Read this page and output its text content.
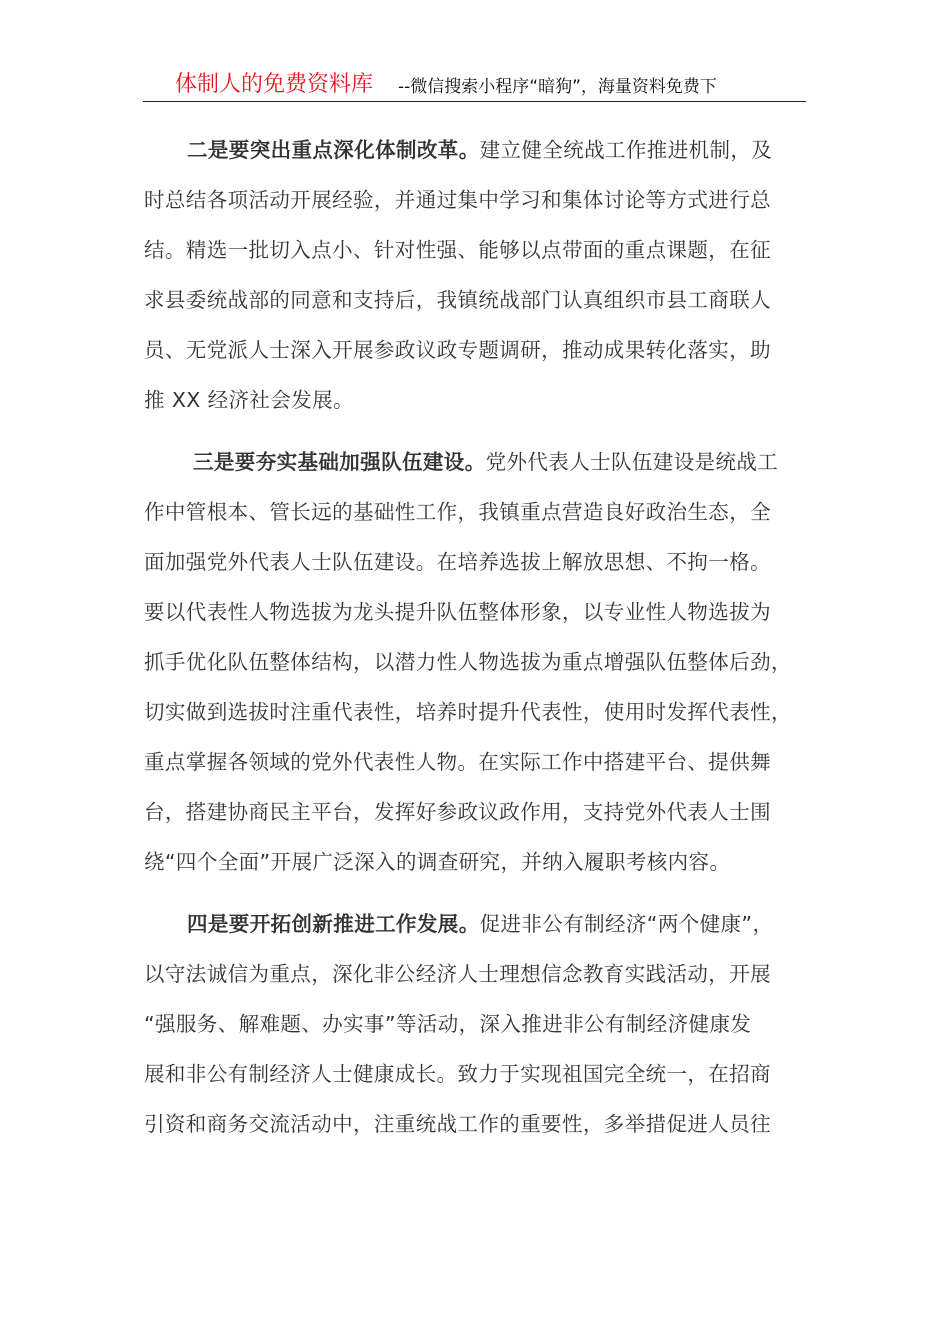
体制人的免费资料库 --微信搜索小程序“暗狗”，海量资料免费下
二是要突出重点深化体制改革。建立健全统战工作推进机制，及
时总结各项活动开展经验，并通过集中学习和集体讨论等方式进行总
结。精选一批切入点小、针对性强、能够以点带面的重点课题，在征
求县委统战部的同意和支持后，我镇统战部门认真组织市县工商联人
员、无党派人士深入开展参政议政专题调研，推动成果转化落实，助
推 XX 经济社会发展。
三是要夯实基础加强队伍建设。党外代表人士队伍建设是统战工
作中管根本、管长远的基础性工作，我镇重点营造良好政治生态，全
面加强党外代表人士队伍建设。在培养选拔上解放思想、不拘一格。
要以代表性人物选拔为龙头提升队伍整体形象，以专业性人物选拔为
抓手优化队伍整体结构，以潜力性人物选拔为重点增强队伍整体后劲，
切实做到选拔时注重代表性，培养时提升代表性，使用时发挥代表性，
重点掌握各领域的党外代表性人物。在实际工作中搭建平台、提供舞
台，搭建协商民主平台，发挥好参政议政作用，支持党外代表人士围
绕“四个全面”开展广泛深入的调查研究，并纳入履职考核内容。
四是要开拓创新推进工作发展。促进非公有制经济“两个健康”，
以守法诚信为重点，深化非公经济人士理想信念教育实践活动，开展
“强服务、解难题、办实事”等活动，深入推进非公有制经济健康发
展和非公有制经济人士健康成长。致力于实现祖国完全统一，在招商
引资和商务交流活动中，注重统战工作的重要性，多举措促进人员往
